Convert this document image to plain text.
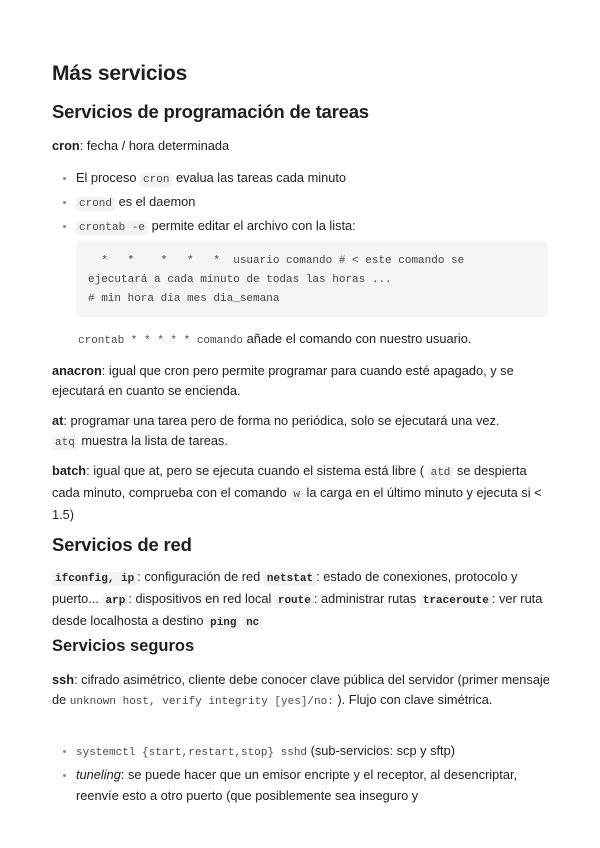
Más servicios
Servicios de programación de tareas

cron: fecha / hora determinada

• El proceso cron evalua las tareas cada minuto
• crond es el daemon
• crontab -e permite editar el archivo con la lista:
*   *    *   *   *  usuario comando # < este comando se
ejecutará a cada minuto de todas las horas ...
# min hora dia mes dia_semana

crontab * * * * * comando añade el comando con nuestro usuario.

anacron: igual que cron pero permite programar para cuando esté apagado, y se ejecutará en cuanto se encienda.

at: programar una tarea pero de forma no periódica, solo se ejecutará una vez.
atq muestra la lista de tareas.

batch: igual que at, pero se ejecuta cuando el sistema está libre ( atd se despierta cada minuto, comprueba con el comando w la carga en el último minuto y ejecuta si < 1.5)

Servicios de red

ifconfig, ip : configuración de red netstat : estado de conexiones, protocolo y puerto... arp : dispositivos en red local route : administrar rutas traceroute : ver ruta desde localhosta a destino ping nc

Servicios seguros

ssh: cifrado asimétrico, cliente debe conocer clave pública del servidor (primer mensaje de unknown host, verify integrity [yes]/no: ). Flujo con clave simétrica.

• systemctl {start,restart,stop} sshd (sub-servicios: scp y sftp)
• tuneling: se puede hacer que un emisor encripte y el receptor, al desencriptar, reenvíe esto a otro puerto (que posiblemente sea inseguro y
